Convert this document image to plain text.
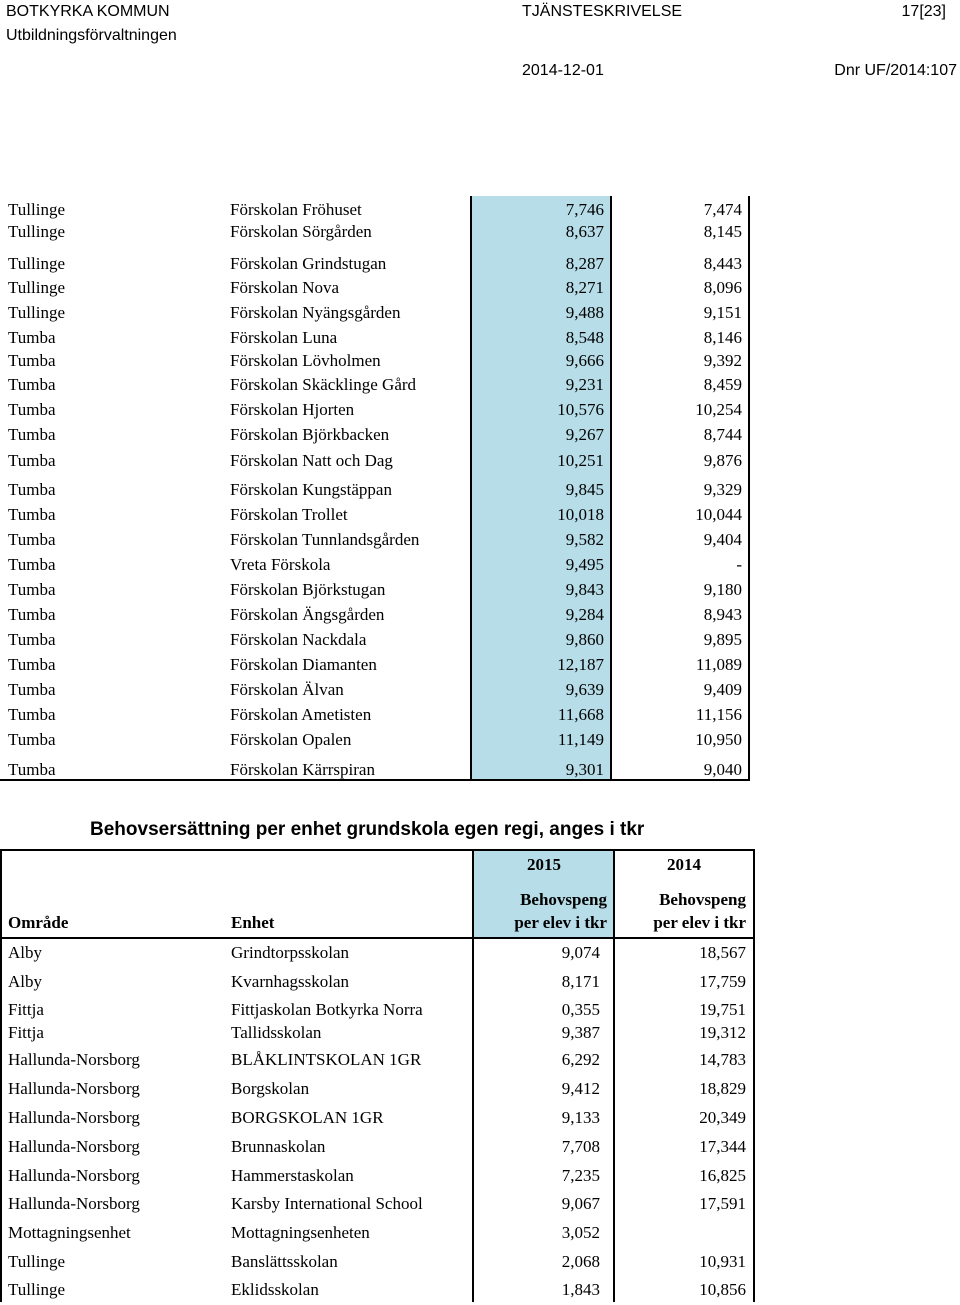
BOTKYRKA KOMMUN	TJÄNSTESKRIVELSE	17[23]
Utbildningsförvaltningen
2014-12-01	Dnr UF/2014:107
Tullinge	Förskolan Fröhuset	7,746	7,474
Tullinge	Förskolan Sörgården	8,637	8,145
Tullinge	Förskolan Grindstugan	8,287	8,443
Tullinge	Förskolan Nova	8,271	8,096
Tullinge	Förskolan Nyängsgården	9,488	9,151
Tumba	Förskolan Luna	8,548	8,146
Tumba	Förskolan Lövholmen	9,666	9,392
Tumba	Förskolan Skäcklinge Gård	9,231	8,459
Tumba	Förskolan Hjorten	10,576	10,254
Tumba	Förskolan Björkbacken	9,267	8,744
Tumba	Förskolan Natt och Dag	10,251	9,876
Tumba	Förskolan Kungstäppan	9,845	9,329
Tumba	Förskolan Trollet	10,018	10,044
Tumba	Förskolan Tunnlandsgården	9,582	9,404
Tumba	Vreta Förskola	9,495	-
Tumba	Förskolan Björkstugan	9,843	9,180
Tumba	Förskolan Ängsgården	9,284	8,943
Tumba	Förskolan Nackdala	9,860	9,895
Tumba	Förskolan Diamanten	12,187	11,089
Tumba	Förskolan Älvan	9,639	9,409
Tumba	Förskolan Ametisten	11,668	11,156
Tumba	Förskolan Opalen	11,149	10,950
Tumba	Förskolan Kärrspiran	9,301	9,040
Behovsersättning per enhet grundskola egen regi, anges i tkr
2015	2014
Behovspeng
per elev i tkr
Behovspeng
per elev i tkr
Område	Enhet
Alby	Grindtorpsskolan	9,074	18,567
Alby	Kvarnhagsskolan	8,171	17,759
Fittja	Fittjaskolan Botkyrka Norra	0,355	19,751
Fittja	Tallidsskolan	9,387	19,312
Hallunda-Norsborg	BLÅKLINTSKOLAN 1GR	6,292	14,783
Hallunda-Norsborg	Borgskolan	9,412	18,829
Hallunda-Norsborg	BORGSKOLAN 1GR	9,133	20,349
Hallunda-Norsborg	Brunnaskolan	7,708	17,344
Hallunda-Norsborg	Hammerstaskolan	7,235	16,825
Hallunda-Norsborg	Karsby International School	9,067	17,591
Mottagningsenhet	Mottagningsenheten	3,052
Tullinge	Banslättsskolan	2,068	10,931
Tullinge	Eklidsskolan	1,843	10,856
